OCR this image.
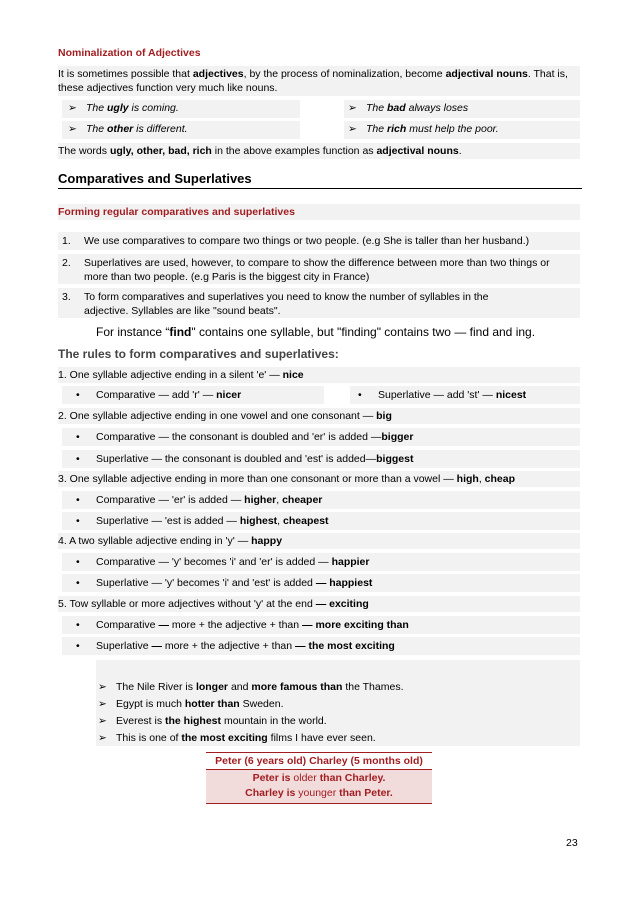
Nominalization of Adjectives
It is sometimes possible that adjectives, by the process of nominalization, become adjectival nouns. That is,
these adjectives function very much like nouns.
➢ The ugly is coming.	➢ The bad always loses
➢ The other is different.	➢ The rich must help the poor.
The words ugly, other, bad, rich in the above examples function as adjectival nouns.
Comparatives and Superlatives
Forming regular comparatives and superlatives
1. We use comparatives to compare two things or two people. (e.g She is taller than her husband.)
2. Superlatives are used, however, to compare to show the difference between more than two things or
more than two people. (e.g Paris is the biggest city in France)
3. To form comparatives and superlatives you need to know the number of syllables in the
adjective. Syllables are like "sound beats".
For instance “find" contains one syllable, but "finding" contains two — find and ing.
The rules to form comparatives and superlatives:
1. One syllable adjective ending in a silent 'e' — nice
• Comparative — add 'r' — nicer	• Superlative — add 'st' — nicest
2. One syllable adjective ending in one vowel and one consonant — big
• Comparative — the consonant is doubled and 'er' is added —bigger
• Superlative — the consonant is doubled and 'est' is added—biggest
3. One syllable adjective ending in more than one consonant or more than a vowel — high, cheap
• Comparative — 'er' is added — higher, cheaper
• Superlative — 'est is added — highest, cheapest
4. A two syllable adjective ending in 'y' — happy
• Comparative — 'y' becomes 'i' and 'er' is added — happier
• Superlative — 'y' becomes 'i' and 'est' is added — happiest
5. Tow syllable or more adjectives without 'y' at the end — exciting
• Comparative — more + the adjective + than — more exciting than
• Superlative — more + the adjective + than — the most exciting
➢ The Nile River is longer and more famous than the Thames.
➢ Egypt is much hotter than Sweden.
➢ Everest is the highest mountain in the world.
➢ This is one of the most exciting films I have ever seen.
Peter (6 years old) Charley (5 months old)
Peter is older than Charley.
Charley is younger than Peter.
23
